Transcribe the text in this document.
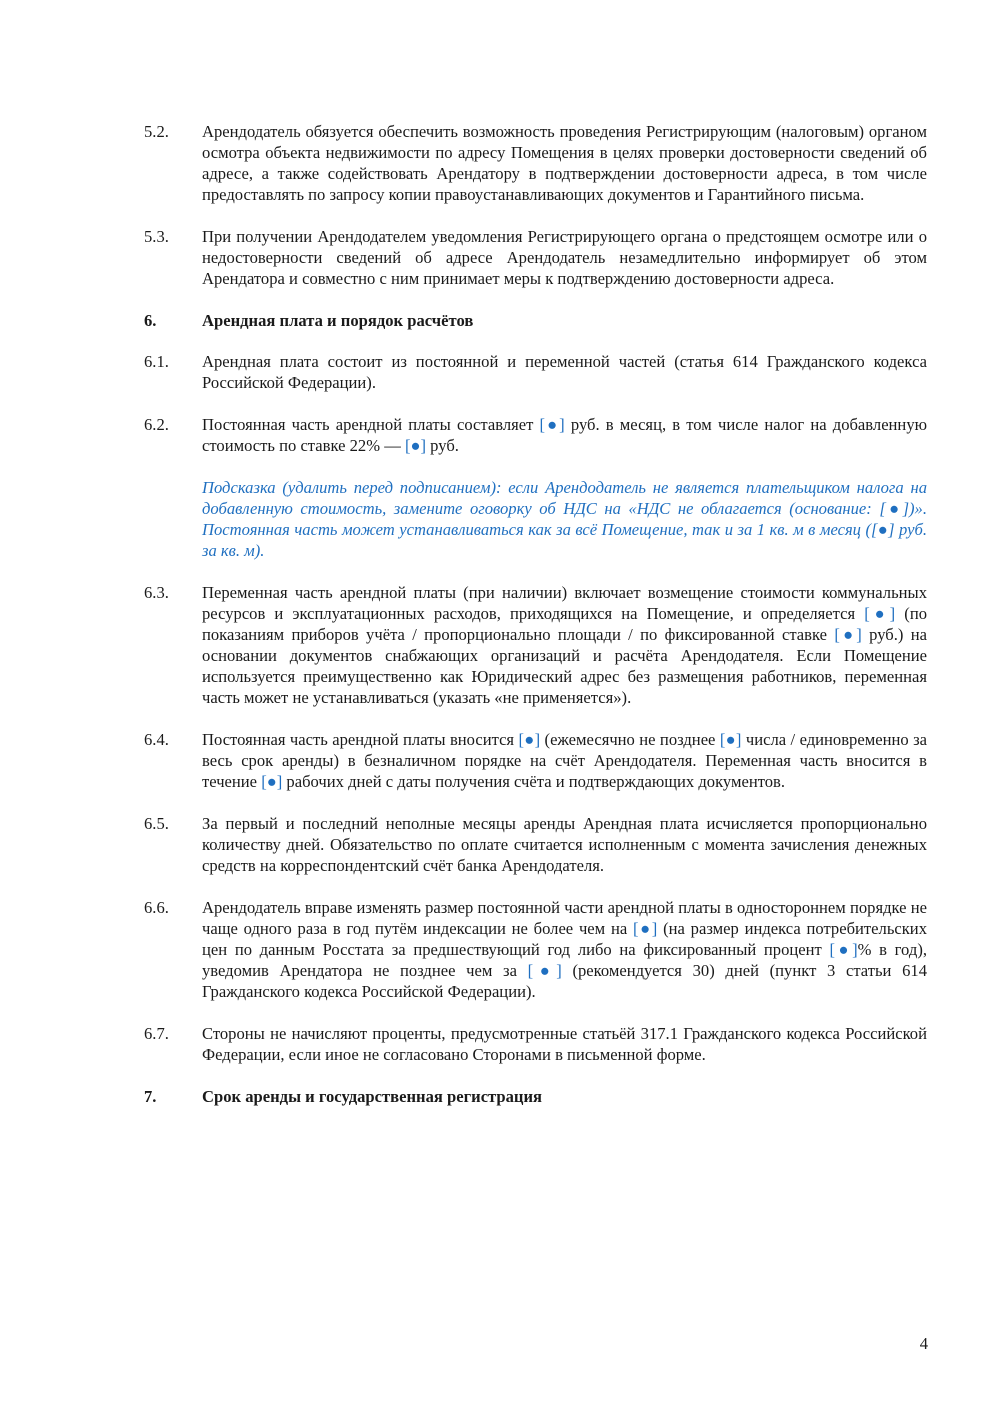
5.2.	Арендодатель обязуется обеспечить возможность проведения Регистрирующим (налоговым) органом осмотра объекта недвижимости по адресу Помещения в целях проверки достоверности сведений об адресе, а также содействовать Арендатору в подтверждении достоверности адреса, в том числе предоставлять по запросу копии правоустанавливающих документов и Гарантийного письма.
5.3.	При получении Арендодателем уведомления Регистрирующего органа о предстоящем осмотре или о недостоверности сведений об адресе Арендодатель незамедлительно информирует об этом Арендатора и совместно с ним принимает меры к подтверждению достоверности адреса.
6.	Арендная плата и порядок расчётов
6.1.	Арендная плата состоит из постоянной и переменной частей (статья 614 Гражданского кодекса Российской Федерации).
6.2.	Постоянная часть арендной платы составляет [●] руб. в месяц, в том числе налог на добавленную стоимость по ставке 22% — [●] руб.
Подсказка (удалить перед подписанием): если Арендодатель не является плательщиком налога на добавленную стоимость, замените оговорку об НДС на «НДС не облагается (основание: [●])». Постоянная часть может устанавливаться как за всё Помещение, так и за 1 кв. м в месяц ([●] руб. за кв. м).
6.3.	Переменная часть арендной платы (при наличии) включает возмещение стоимости коммунальных ресурсов и эксплуатационных расходов, приходящихся на Помещение, и определяется [●] (по показаниям приборов учёта / пропорционально площади / по фиксированной ставке [●] руб.) на основании документов снабжающих организаций и расчёта Арендодателя. Если Помещение используется преимущественно как Юридический адрес без размещения работников, переменная часть может не устанавливаться (указать «не применяется»).
6.4.	Постоянная часть арендной платы вносится [●] (ежемесячно не позднее [●] числа / единовременно за весь срок аренды) в безналичном порядке на счёт Арендодателя. Переменная часть вносится в течение [●] рабочих дней с даты получения счёта и подтверждающих документов.
6.5.	За первый и последний неполные месяцы аренды Арендная плата исчисляется пропорционально количеству дней. Обязательство по оплате считается исполненным с момента зачисления денежных средств на корреспондентский счёт банка Арендодателя.
6.6.	Арендодатель вправе изменять размер постоянной части арендной платы в одностороннем порядке не чаще одного раза в год путём индексации не более чем на [●] (на размер индекса потребительских цен по данным Росстата за предшествующий год либо на фиксированный процент [●]% в год), уведомив Арендатора не позднее чем за [●] (рекомендуется 30) дней (пункт 3 статьи 614 Гражданского кодекса Российской Федерации).
6.7.	Стороны не начисляют проценты, предусмотренные статьёй 317.1 Гражданского кодекса Российской Федерации, если иное не согласовано Сторонами в письменной форме.
7.	Срок аренды и государственная регистрация
4
